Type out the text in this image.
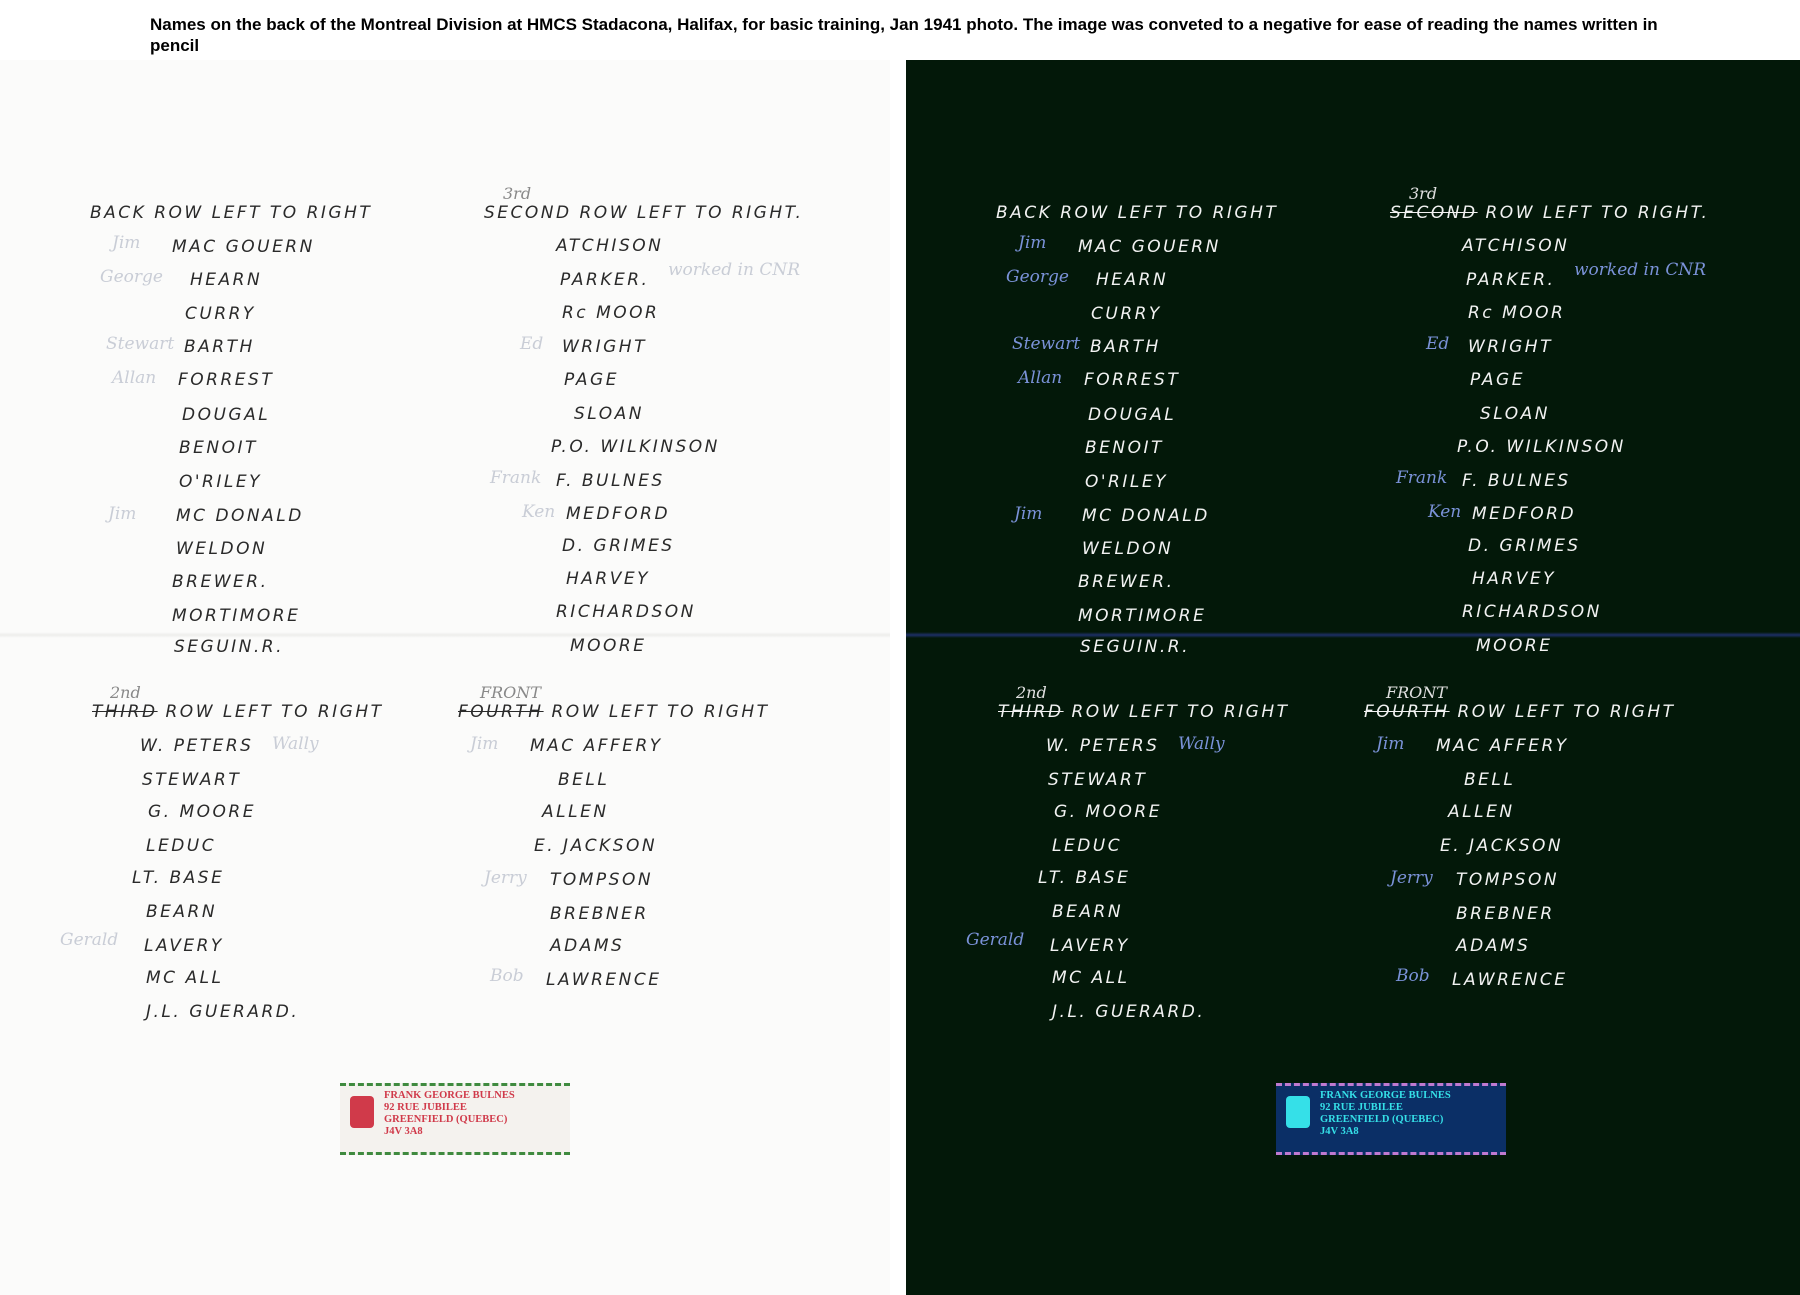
Names on the back of the Montreal Division at HMCS Stadacona, Halifax, for basic training, Jan 1941 photo. The image was conveted to a negative for ease of reading the names written in pencil
BACK ROW LEFT TO RIGHT
MAC GOUERN
HEARN
CURRY
BARTH
FORREST
DOUGAL
BENOIT
O'RILEY
MC DONALD
WELDON
BREWER.
MORTIMORE
SEGUIN.R.
3rd
SECOND ROW LEFT TO RIGHT.
ATCHISON
PARKER.
Rc MOOR
WRIGHT
PAGE
SLOAN
P.O. WILKINSON
F. BULNES
MEDFORD
D. GRIMES
HARVEY
RICHARDSON
MOORE
2nd
THIRD ROW LEFT TO RIGHT
W. PETERS
STEWART
G. MOORE
LEDUC
LT. BASE
BEARN
LAVERY
MC ALL
J.L. GUERARD.
FRONT
FOURTH ROW LEFT TO RIGHT
MAC AFFERY
BELL
ALLEN
E. JACKSON
TOMPSON
BREBNER
ADAMS
LAWRENCE
Jim
George
Stewart
Allan
Jim
worked in CNR
Ed
Frank
Ken
Wally
Gerald
Jim
Jerry
Bob
FRANK GEORGE BULNES
92 RUE JUBILEE
GREENFIELD (QUEBEC)
J4V 3A8
BACK ROW LEFT TO RIGHT
MAC GOUERN
HEARN
CURRY
BARTH
FORREST
DOUGAL
BENOIT
O'RILEY
MC DONALD
WELDON
BREWER.
MORTIMORE
SEGUIN.R.
3rd
SECOND ROW LEFT TO RIGHT.
ATCHISON
PARKER.
Rc MOOR
WRIGHT
PAGE
SLOAN
P.O. WILKINSON
F. BULNES
MEDFORD
D. GRIMES
HARVEY
RICHARDSON
MOORE
2nd
THIRD ROW LEFT TO RIGHT
W. PETERS
STEWART
G. MOORE
LEDUC
LT. BASE
BEARN
LAVERY
MC ALL
J.L. GUERARD.
FRONT
FOURTH ROW LEFT TO RIGHT
MAC AFFERY
BELL
ALLEN
E. JACKSON
TOMPSON
BREBNER
ADAMS
LAWRENCE
Jim
George
Stewart
Allan
Jim
worked in CNR
Ed
Frank
Ken
Wally
Gerald
Jim
Jerry
Bob
FRANK GEORGE BULNES
92 RUE JUBILEE
GREENFIELD (QUEBEC)
J4V 3A8
